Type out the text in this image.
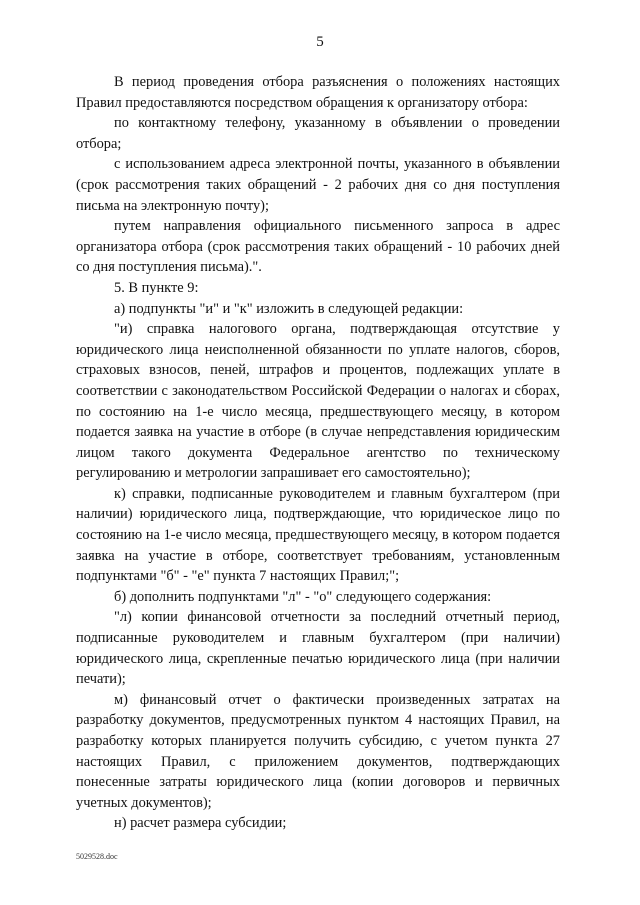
5

В период проведения отбора разъяснения о положениях настоящих Правил предоставляются посредством обращения к организатору отбора:

по контактному телефону, указанному в объявлении о проведении отбора;

с использованием адреса электронной почты, указанного в объявлении (срок рассмотрения таких обращений - 2 рабочих дня со дня поступления письма на электронную почту);

путем направления официального письменного запроса в адрес организатора отбора (срок рассмотрения таких обращений - 10 рабочих дней со дня поступления письма).".

5. В пункте 9:

а) подпункты "и" и "к" изложить в следующей редакции:

"и) справка налогового органа, подтверждающая отсутствие у юридического лица неисполненной обязанности по уплате налогов, сборов, страховых взносов, пеней, штрафов и процентов, подлежащих уплате в соответствии с законодательством Российской Федерации о налогах и сборах, по состоянию на 1-е число месяца, предшествующего месяцу, в котором подается заявка на участие в отборе (в случае непредставления юридическим лицом такого документа Федеральное агентство по техническому регулированию и метрологии запрашивает его самостоятельно);

к) справки, подписанные руководителем и главным бухгалтером (при наличии) юридического лица, подтверждающие, что юридическое лицо по состоянию на 1-е число месяца, предшествующего месяцу, в котором подается заявка на участие в отборе, соответствует требованиям, установленным подпунктами "б" - "е" пункта 7 настоящих Правил;";

б) дополнить подпунктами "л" - "о" следующего содержания:

"л) копии финансовой отчетности за последний отчетный период, подписанные руководителем и главным бухгалтером (при наличии) юридического лица, скрепленные печатью юридического лица (при наличии печати);

м) финансовый отчет о фактически произведенных затратах на разработку документов, предусмотренных пунктом 4 настоящих Правил, на разработку которых планируется получить субсидию, с учетом пункта 27 настоящих Правил, с приложением документов, подтверждающих понесенные затраты юридического лица (копии договоров и первичных учетных документов);

н) расчет размера субсидии;

5029528.doc
